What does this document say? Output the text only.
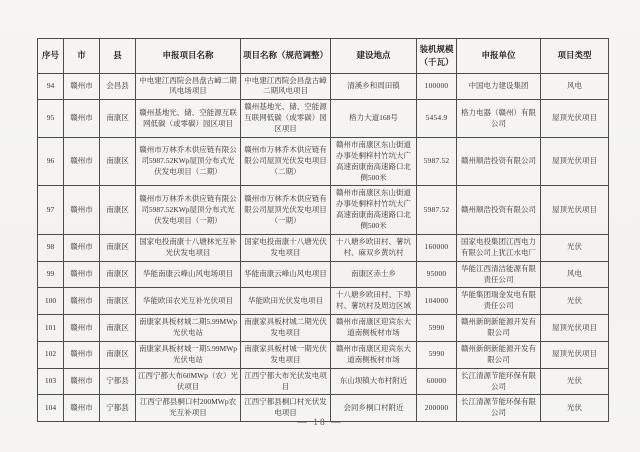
序号	市	县	申报项目名称	项目名称（规范调整）	建设地点	装机规模（千瓦）	申报单位	项目类型
94	赣州市	会昌县	中电建江西院会昌盘古嶂二期风电场项目	中电建江西院会昌盘古嶂二期风电项目	清溪乡和周田镇	100000	中国电力建设集团	风电
95	赣州市	南康区	赣州基地光、储、空能源互联网低碳（或零碳）园区项目	赣州基地光、储、空能源互联网低碳（或零碳）园区项目	格力大道168号	5454.9	格力电器（赣州）有限公司	屋顶光伏项目
96	赣州市	南康区	赣州市万林乔木供应链有限公司5987.52KWp屋顶分布式光伏发电项目（二期）	赣州市万林乔木供应链有限公司屋顶光伏发电项目（二期）	赣州市南康区东山街道办事处桐梓村竹坑大广高速南康南高速路口北侧500米	5987.52	赣州顺浩投资有限公司	屋顶光伏项目
97	赣州市	南康区	赣州市万林乔木供应链有限公司5987.52KWp屋顶分布式光伏发电项目（一期）	赣州市万林乔木供应链有限公司屋顶光伏发电项目（一期）	赣州市南康区东山街道办事处桐梓村竹坑大广高速南康南高速路口北侧500米	5987.52	赣州顺浩投资有限公司	屋顶光伏项目
98	赣州市	南康区	国家电投南康十八塘林光互补光伏发电项目	国家电投南康十八塘光伏发电项目	十八塘乡欧田村、薯坑村、麻双乡黄坑村	160000	国家电投集团江西电力有限公司上犹江水电厂	光伏
99	赣州市	南康区	华能南康云峰山风电场项目	华能南康云峰山风电项目	南康区赤土乡	95000	华能江西清洁能源有限责任公司	风电
100	赣州市	南康区	华能欧田农光互补光伏项目	华能欧田光伏发电项目	十八塘乡欧田村、下埠村、薯坑村及周边区域	104000	华能集团瑞金发电有限责任公司	光伏
101	赣州市	南康区	南康家具板材城二期5.99MWp光伏电站	南康家具板材城二期光伏发电项目	赣州市南康区迎宾东大道南侧板材市场	5990	赣州新朗新能源开发有限公司	屋顶光伏项目
102	赣州市	南康区	南康家具板材城一期5.99MWp光伏电站	南康家具板材城一期光伏发电项目	赣州市南康区迎宾东大道南侧板材市场	5990	赣州新朗新能源开发有限公司	屋顶光伏项目
103	赣州市	宁都县	江西宁都大布60MWp（农）光伏项目	江西宁都大布光伏发电项目	东山坝镇大布村附近	60000	长江清源节能环保有限公司	光伏
104	赣州市	宁都县	江西宁都县桐口村200MWp农光互补项目	江西宁都县桐口村光伏发电项目	会同乡桐口村附近	200000	长江清源节能环保有限公司	光伏
— 18 —
